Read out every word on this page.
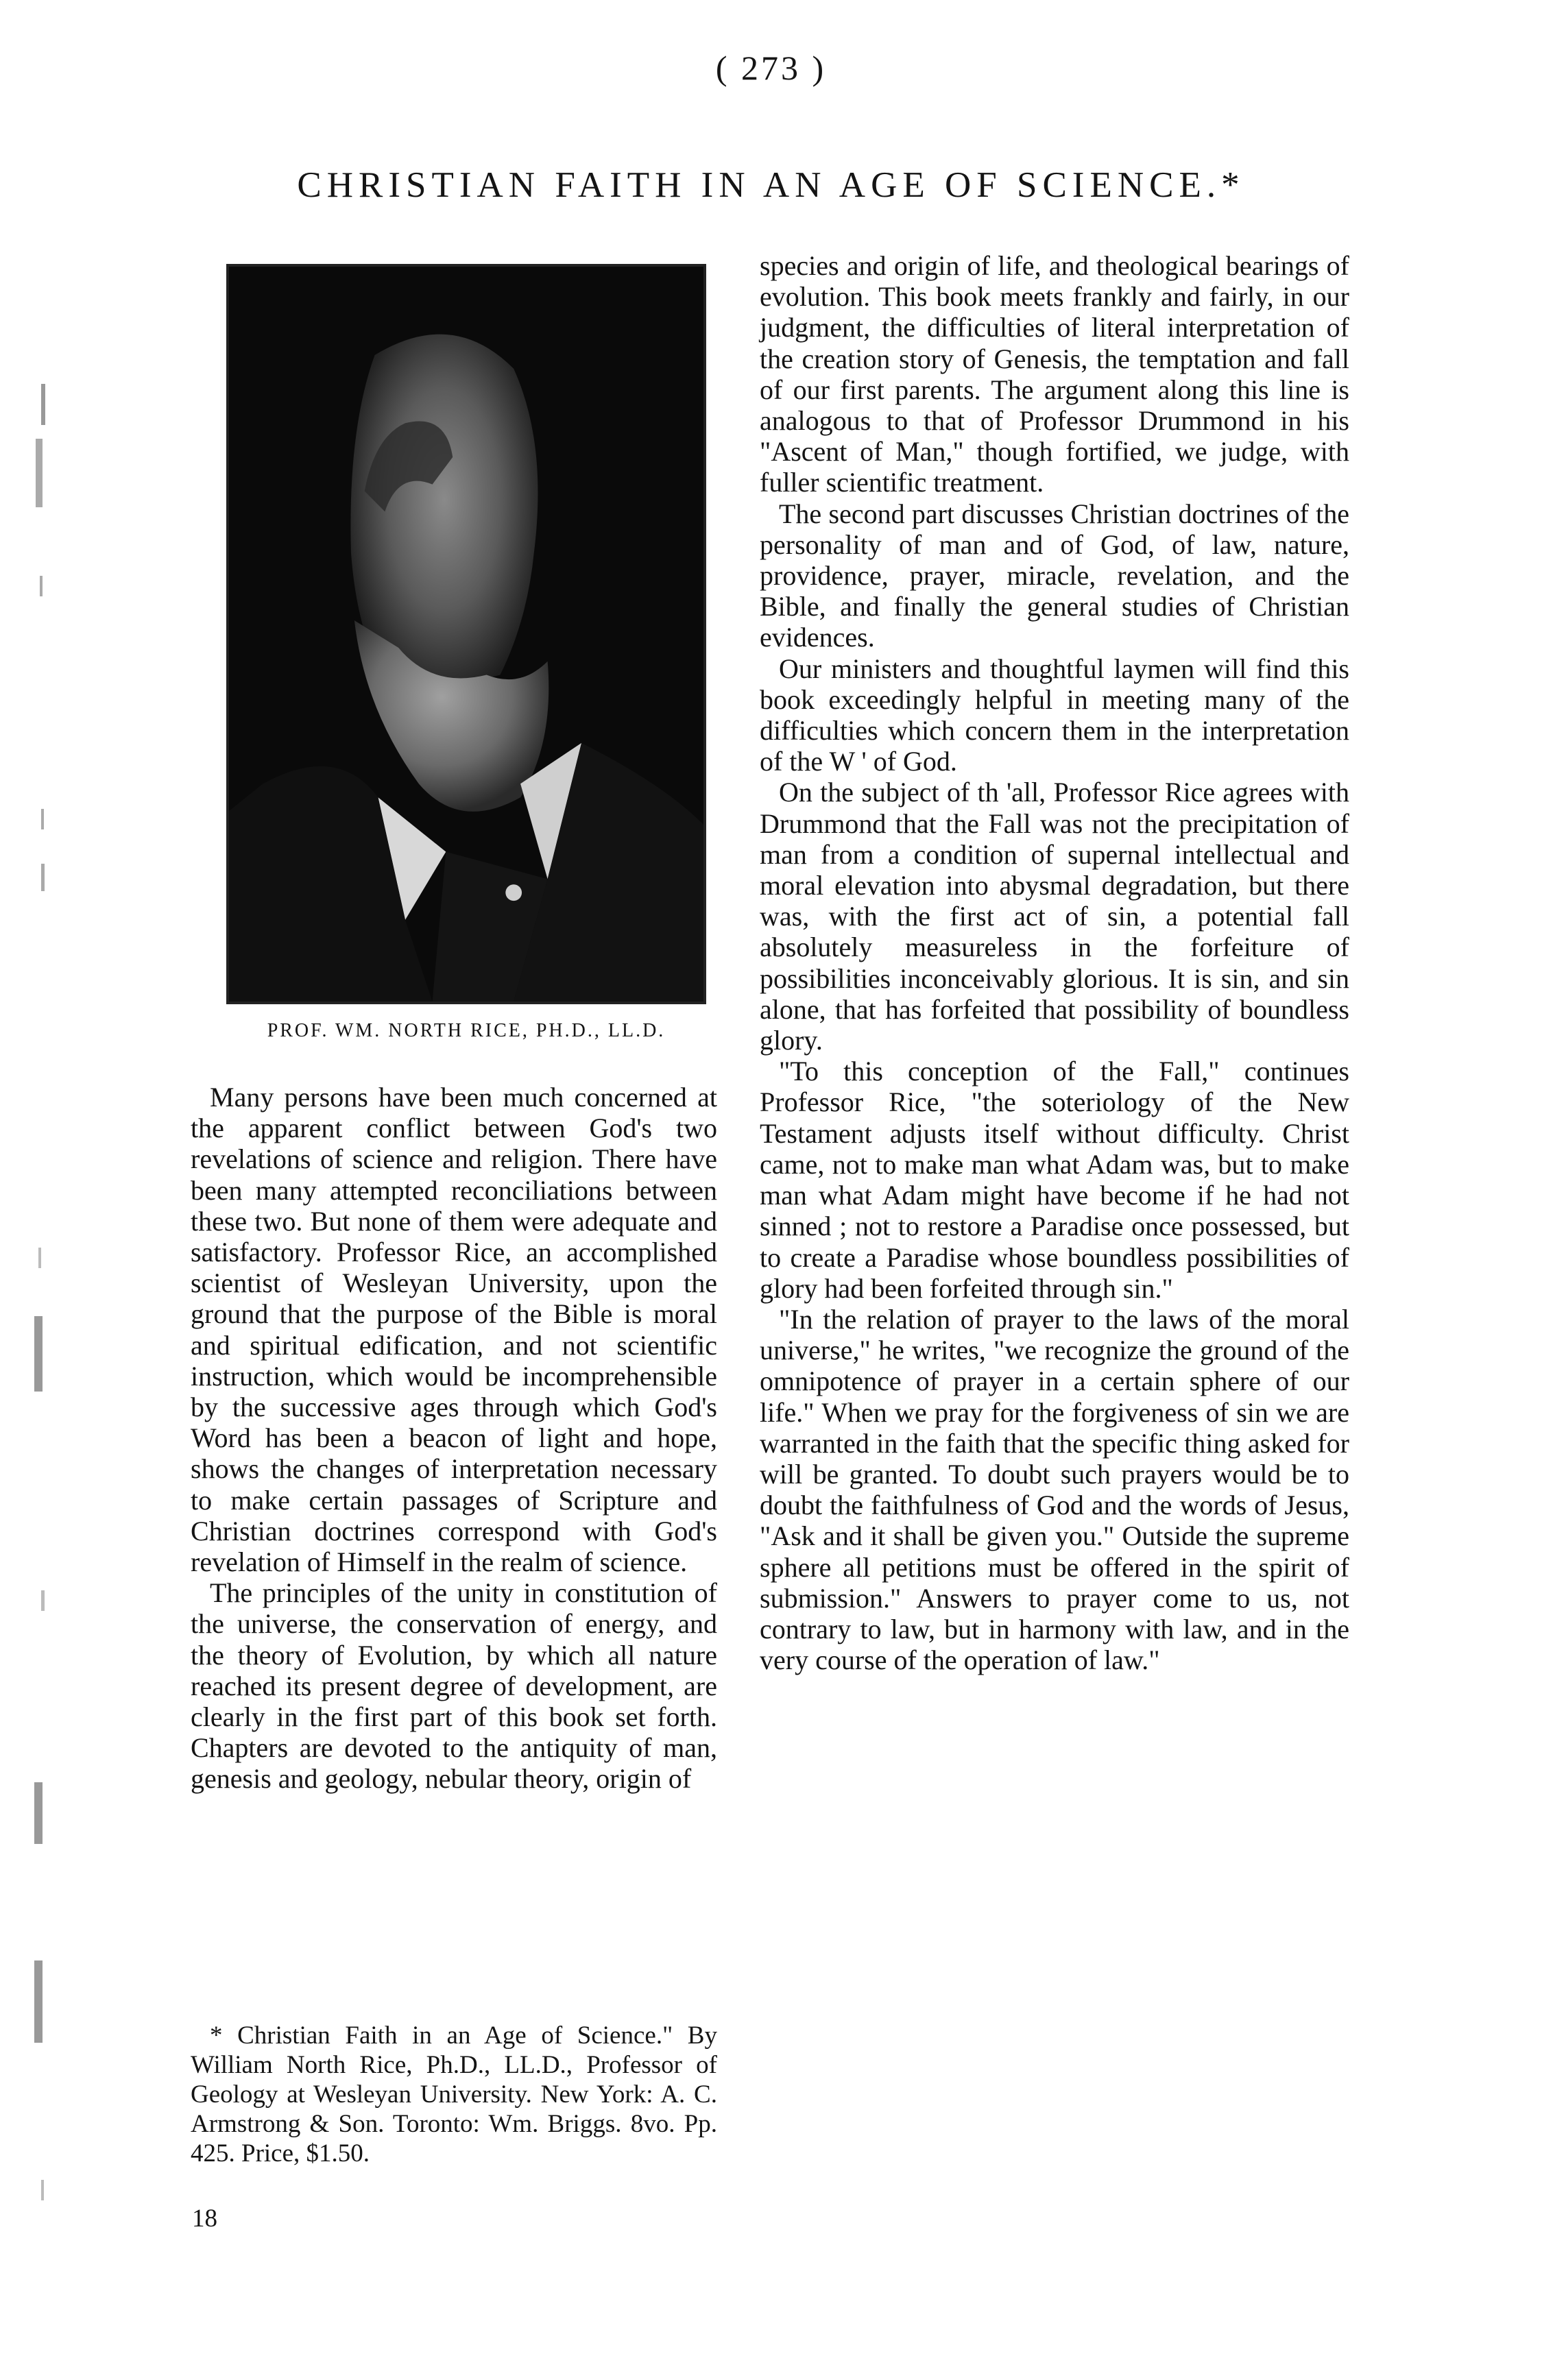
( 273 )
CHRISTIAN FAITH IN AN AGE OF SCIENCE.*
PROF. WM. NORTH RICE, PH.D., LL.D.

Many persons have been much concerned at the apparent conflict between God's two revelations of science and religion. There have been many attempted reconciliations between these two. But none of them were adequate and satisfactory. Professor Rice, an accomplished scientist of Wesleyan University, upon the ground that the purpose of the Bible is moral and spiritual edification, and not scientific instruction, which would be incomprehensible by the successive ages through which God's Word has been a beacon of light and hope, shows the changes of interpretation necessary to make certain passages of Scripture and Christian doctrines correspond with God's revelation of Himself in the realm of science.

The principles of the unity in constitution of the universe, the conservation of energy, and the theory of Evolution, by which all nature reached its present degree of development, are clearly in the first part of this book set forth. Chapters are devoted to the antiquity of man, genesis and geology, nebular theory, origin of

* Christian Faith in an Age of Science." By William North Rice, Ph.D., LL.D., Professor of Geology at Wesleyan University. New York: A. C. Armstrong & Son. Toronto: Wm. Briggs. 8vo. Pp. 425. Price, $1.50.

18

species and origin of life, and theological bearings of evolution. This book meets frankly and fairly, in our judgment, the difficulties of literal interpretation of the creation story of Genesis, the temptation and fall of our first parents. The argument along this line is analogous to that of Professor Drummond in his "Ascent of Man," though fortified, we judge, with fuller scientific treatment.

The second part discusses Christian doctrines of the personality of man and of God, of law, nature, providence, prayer, miracle, revelation, and the Bible, and finally the general studies of Christian evidences.

Our ministers and thoughtful laymen will find this book exceedingly helpful in meeting many of the difficulties which concern them in the interpretation of the W ' of God.

On the subject of th 'all, Professor Rice agrees with Drummond that the Fall was not the precipitation of man from a condition of supernal intellectual and moral elevation into abysmal degradation, but there was, with the first act of sin, a potential fall absolutely measureless in the forfeiture of possibilities inconceivably glorious. It is sin, and sin alone, that has forfeited that possibility of boundless glory.

"To this conception of the Fall," continues Professor Rice, "the soteriology of the New Testament adjusts itself without difficulty. Christ came, not to make man what Adam was, but to make man what Adam might have become if he had not sinned ; not to restore a Paradise once possessed, but to create a Paradise whose boundless possibilities of glory had been forfeited through sin."

"In the relation of prayer to the laws of the moral universe," he writes, "we recognize the ground of the omnipotence of prayer in a certain sphere of our life." When we pray for the forgiveness of sin we are warranted in the faith that the specific thing asked for will be granted. To doubt such prayers would be to doubt the faithfulness of God and the words of Jesus, "Ask and it shall be given you." Outside the supreme sphere all petitions must be offered in the spirit of submission." Answers to prayer come to us, not contrary to law, but in harmony with law, and in the very course of the operation of law."
